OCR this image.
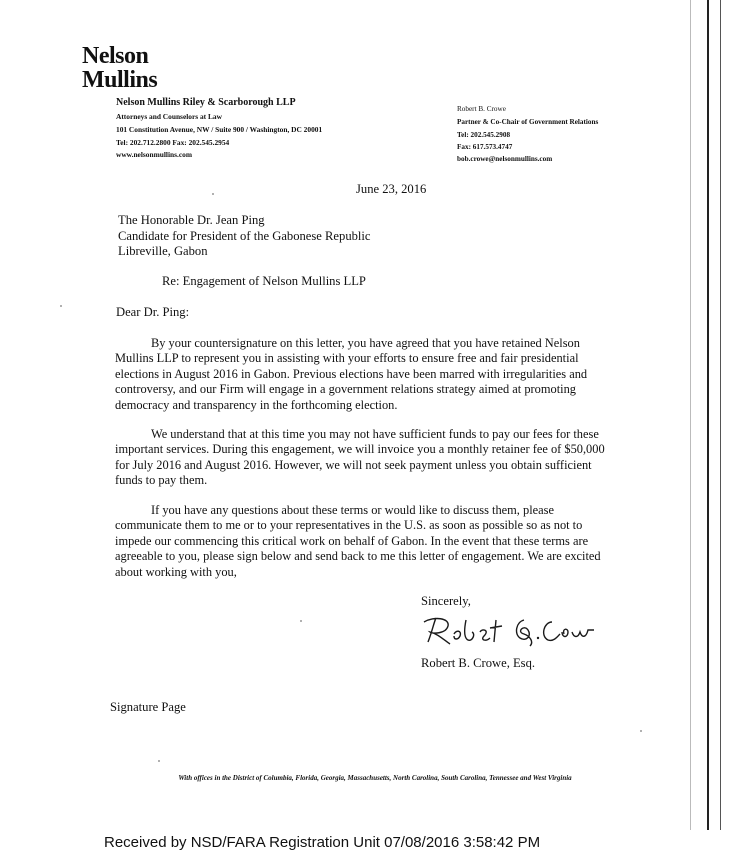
Nelson
Mullins
Nelson Mullins Riley & Scarborough LLP
Attorneys and Counselors at Law
101 Constitution Avenue, NW / Suite 900 / Washington, DC 20001
Tel: 202.712.2800 Fax: 202.545.2954
www.nelsonmullins.com
Robert B. Crowe
Partner & Co-Chair of Government Relations
Tel: 202.545.2908
Fax: 617.573.4747
bob.crowe@nelsonmullins.com
June 23, 2016
The Honorable Dr. Jean Ping
Candidate for President of the Gabonese Republic
Libreville, Gabon
Re: Engagement of Nelson Mullins LLP
Dear Dr. Ping:
By your countersignature on this letter, you have agreed that you have retained Nelson Mullins LLP to represent you in assisting with your efforts to ensure free and fair presidential elections in August 2016 in Gabon. Previous elections have been marred with irregularities and controversy, and our Firm will engage in a government relations strategy aimed at promoting democracy and transparency in the forthcoming election.
We understand that at this time you may not have sufficient funds to pay our fees for these important services. During this engagement, we will invoice you a monthly retainer fee of $50,000 for July 2016 and August 2016. However, we will not seek payment unless you obtain sufficient funds to pay them.
If you have any questions about these terms or would like to discuss them, please communicate them to me or to your representatives in the U.S. as soon as possible so as not to impede our commencing this critical work on behalf of Gabon. In the event that these terms are agreeable to you, please sign below and send back to me this letter of engagement. We are excited about working with you,
Sincerely,
Robert B. Crowe, Esq.
Signature Page
With offices in the District of Columbia, Florida, Georgia, Massachusetts, North Carolina, South Carolina, Tennessee and West Virginia
Received by NSD/FARA Registration Unit 07/08/2016 3:58:42 PM
